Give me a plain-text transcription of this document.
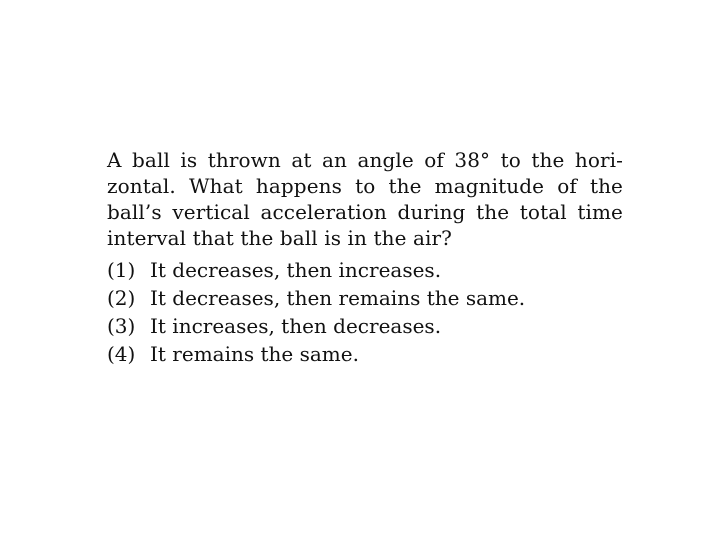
A ball is thrown at an angle of 38° to the hori-
zontal. What happens to the magnitude of the
ball’s vertical acceleration during the total time
interval that the ball is in the air?

(1) It decreases, then increases.
(2) It decreases, then remains the same.
(3) It increases, then decreases.
(4) It remains the same.
